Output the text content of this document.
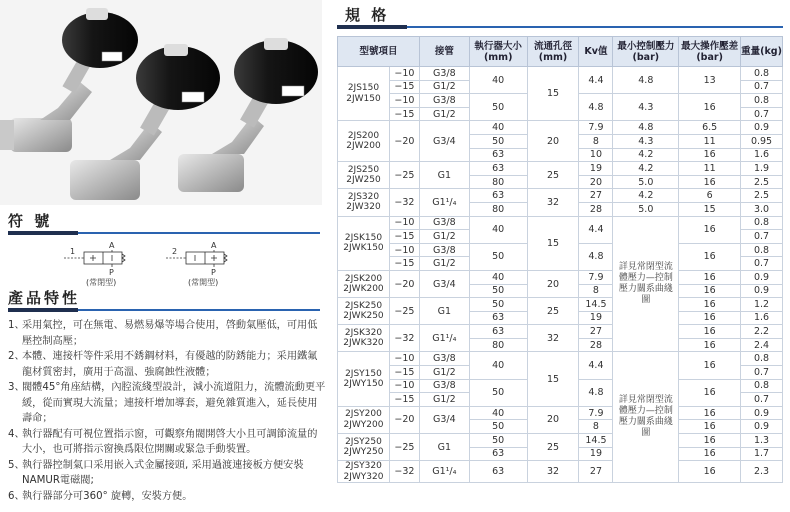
符 號
1
A
P
(常閉型)
2
A
P
(常開型)
產品特性
1、
采用氣控，可在無電、易燃易爆等場合使用，啓動氣壓低，可用低壓控制高壓；
2、
本體、連接杆等件采用不銹鋼材料，有優越的防銹能力；采用鐵氟龍材質密封，廣用于高溫、強腐蝕性液體；
3、
閥體45°角座結構，內腔流綫型設計，減小流道阻力，流體流動更平緩，從而實現大流量；連接杆增加導套，避免雜質進入，延長使用壽命；
4、
執行器配有可視位置指示窗，可觀察角閥開啓大小且可調節流量的大小，也可將指示窗換爲限位開關或緊急手動裝置。
5、
執行器控制氣口采用嵌入式金屬接頭, 采用過渡連接板方便安裝NAMUR電磁閥;
6、
執行器部分可360° 旋轉，安裝方便。
規 格
型號項目		接管	執行器大小(mm)	流通孔徑(mm)	Kv值	最小控制壓力(bar)	最大操作壓差(bar)	重量(kg)
2JS150
2JW150	−10	G3/8	40	15	4.4	4.8	13	0.8
	−15	G1/2						0.7
	−10	G3/8	50		4.8	4.3	16	0.8
	−15	G1/2						0.7
2JS200
2JW200	−20	G3/4	40	20	7.9	4.8	6.5	0.9
			50		8	4.3	11	0.95
			63		10	4.2	16	1.6
2JS250
2JW250	−25	G1	63	25	19	4.2	11	1.9
			80		20	5.0	16	2.5
2JS320
2JW320	−32	G1¹/₄	63	32	27	4.2	6	2.5
			80		28	5.0	15	3.0
2JSK150
2JWK150	−10	G3/8	40	15	4.4	詳見常閉型流體壓力—控制壓力關系曲綫圖	16	0.8
	−15	G1/2						0.7
	−10	G3/8	50		4.8		16	0.8
	−15	G1/2						0.7
2JSK200
2JWK200	−20	G3/4	40	20	7.9		16	0.9
			50		8		16	0.9
2JSK250
2JWK250	−25	G1	50	25	14.5		16	1.2
			63		19		16	1.6
2JSK320
2JWK320	−32	G1¹/₄	63	32	27		16	2.2
			80		28		16	2.4
2JSY150
2JWY150	−10	G3/8	40	15	4.4	詳見常閉型流體壓力—控制壓力關系曲綫圖	16	0.8
	−15	G1/2						0.7
	−10	G3/8	50		4.8		16	0.8
	−15	G1/2						0.7
2JSY200
2JWY200	−20	G3/4	40	20	7.9		16	0.9
			50		8		16	0.9
2JSY250
2JWY250	−25	G1	50	25	14.5		16	1.3
			63		19		16	1.7
2JSY320
2JWY320	−32	G1¹/₄	63	32	27		16	2.3
